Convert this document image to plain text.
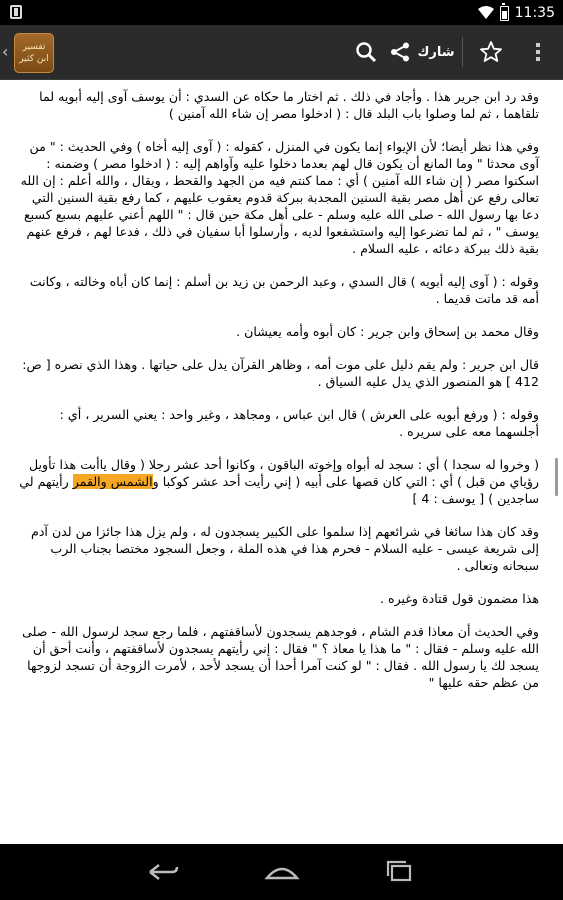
11:35
‹	تفسير
ابن كثير	شارك

وقد رد ابن جرير هذا . وأجاد في ذلك . ثم اختار ما حكاه عن السدي : أن يوسف آوى إليه أبويه لما تلقاهما ، ثم لما وصلوا باب البلد قال : ( ادخلوا مصر إن شاء الله آمنين )

وفي هذا نظر أيضا؛ لأن الإيواء إنما يكون في المنزل ، كقوله : ( آوى إليه أخاه ) وفي الحديث : " من آوى محدثا " وما المانع أن يكون قال لهم بعدما دخلوا عليه وآواهم إليه : ( ادخلوا مصر ) وضمنه : اسكنوا مصر ( إن شاء الله آمنين ) أي : مما كنتم فيه من الجهد والقحط ، ويقال ، والله أعلم : إن الله تعالى رفع عن أهل مصر بقية السنين المجدبة ببركة قدوم يعقوب عليهم ، كما رفع بقية السنين التي دعا بها رسول الله - صلى الله عليه وسلم - على أهل مكة حين قال : " اللهم أعني عليهم بسبع كسبع يوسف " ، ثم لما تضرعوا إليه واستشفعوا لديه ، وأرسلوا أبا سفيان في ذلك ، فدعا لهم ، فرفع عنهم بقية ذلك ببركة دعائه ، عليه السلام .

وقوله : ( آوى إليه أبويه ) قال السدي ، وعبد الرحمن بن زيد بن أسلم : إنما كان أباه وخالته ، وكانت أمه قد ماتت قديما .

وقال محمد بن إسحاق وابن جرير : كان أبوه وأمه يعيشان .

قال ابن جرير : ولم يقم دليل على موت أمه ، وظاهر القرآن يدل على حياتها . وهذا الذي نصره [ ص: 412 ] هو المنصور الذي يدل عليه السياق .

وقوله : ( ورفع أبويه على العرش ) قال ابن عباس ، ومجاهد ، وغير واحد : يعني السرير ، أي : أجلسهما معه على سريره .

( وخروا له سجدا ) أي : سجد له أبواه وإخوته الباقون ، وكانوا أحد عشر رجلا ( وقال ياأبت هذا تأويل رؤياي من قبل ) أي : التي كان قصها على أبيه ( إني رأيت أحد عشر كوكبا والشمس والقمر رأيتهم لي ساجدين ) [ يوسف : 4 ]

وقد كان هذا سائغا في شرائعهم إذا سلموا على الكبير يسجدون له ، ولم يزل هذا جائزا من لدن آدم إلى شريعة عيسى - عليه السلام - فحرم هذا في هذه الملة ، وجعل السجود مختصا بجناب الرب سبحانه وتعالى .

هذا مضمون قول قتادة وغيره .

وفي الحديث أن معاذا قدم الشام ، فوجدهم يسجدون لأساقفتهم ، فلما رجع سجد لرسول الله - صلى الله عليه وسلم - فقال : " ما هذا يا معاذ ؟ " فقال : إني رأيتهم يسجدون لأساقفتهم ، وأنت أحق أن يسجد لك يا رسول الله . فقال : " لو كنت آمرا أحدا أن يسجد لأحد ، لأمرت الزوجة أن تسجد لزوجها من عظم حقه عليها "
